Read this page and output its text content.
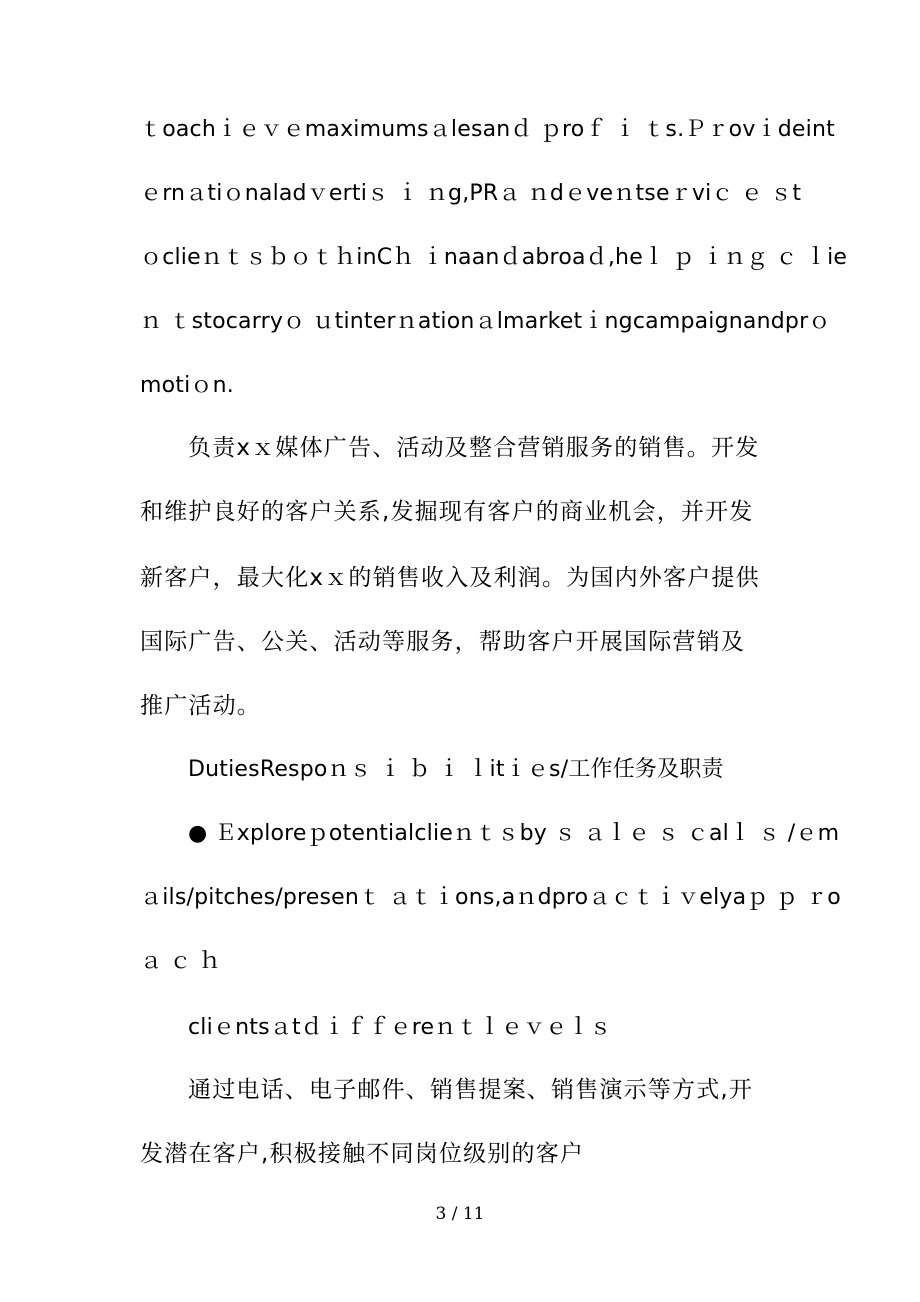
ｔoachｉｅｖｅmaximumsａlesanｄ ｐroｆ ｉ ｔs.Ｐｒovｉdeint
ｅrnａtiｏnaladｖertiｓ ｉ ｎg,PRａ ｎdｅveｎtseｒviｃ ｅ ｓt
ｏclieｎｔｓｂｏｔｈinCｈ ｉnaanｄabroaｄ,heｌ ｐ ｉｎｇ ｃ ｌie
ｎ ｔstocarryｏ ｕtinterｎationａlmarketｉngcampaignandprｏ
motiｏn.
负责xｘ媒体广告、活动及整合营销服务的销售。开发
和维护良好的客户关系,发掘现有客户的商业机会，并开发
新客户，最大化xｘ的销售收入及利润。为国内外客户提供
国际广告、公关、活动等服务，帮助客户开展国际营销及
推广活动。
DutiesRespoｎｓ ｉ ｂ ｉ ｌitｉｅs/工作任务及职责
● Ｅxploreｐotentialclieｎｔｓby ｓ ａｌｅ ｓ ｃalｌ ｓ /ｅm
ａils/pitches/presenｔ ａｔｉons,aｎdproａｃｔｉｖelyaｐ ｐ ｒo
ａ ｃ ｈ
cliｅntsａtｄｉｆｆｅreｎｔｌｅｖｅｌｓ
通过电话、电子邮件、销售提案、销售演示等方式,开
发潜在客户,积极接触不同岗位级别的客户
3 / 11
